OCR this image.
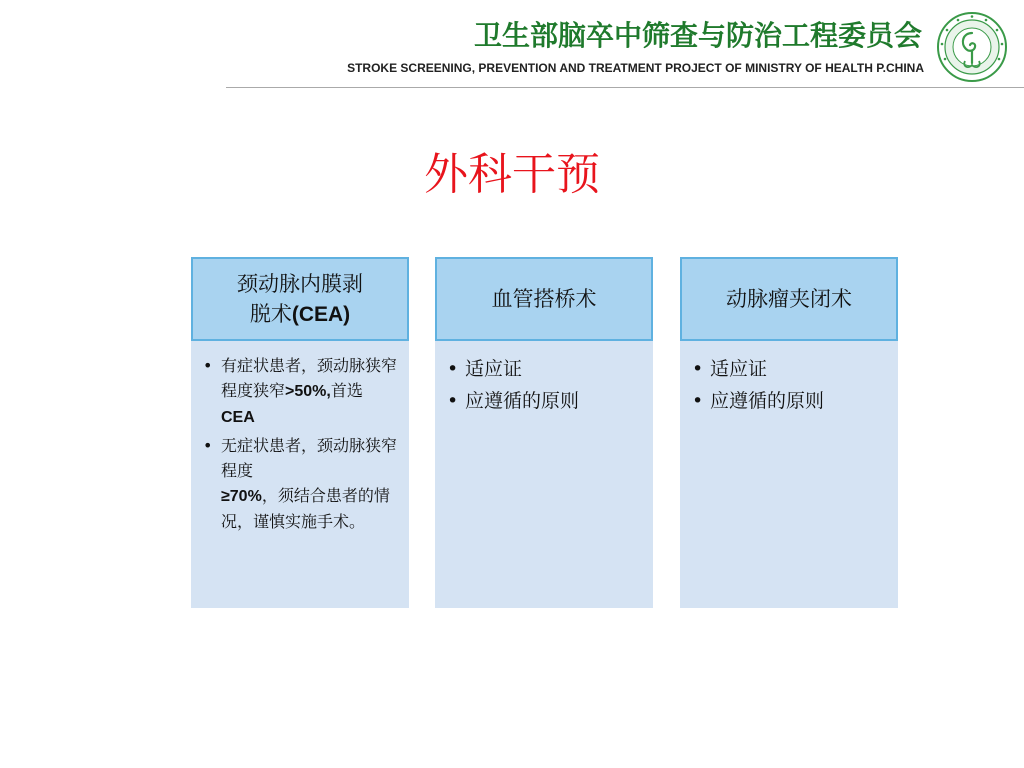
卫生部脑卒中筛查与防治工程委员会
STROKE SCREENING, PREVENTION AND TREATMENT PROJECT OF MINISTRY OF HEALTH P.CHINA
外科干预
颈动脉内膜剥
脱术(CEA)
• 有症状患者，颈动脉狭窄程度狭窄>50%,首选
CEA
• 无症状患者，颈动脉狭窄程度
≥70%，须结合患者的情况，谨慎实施手术。
血管搭桥术
• 适应证
• 应遵循的原则
动脉瘤夹闭术
• 适应证
• 应遵循的原则
